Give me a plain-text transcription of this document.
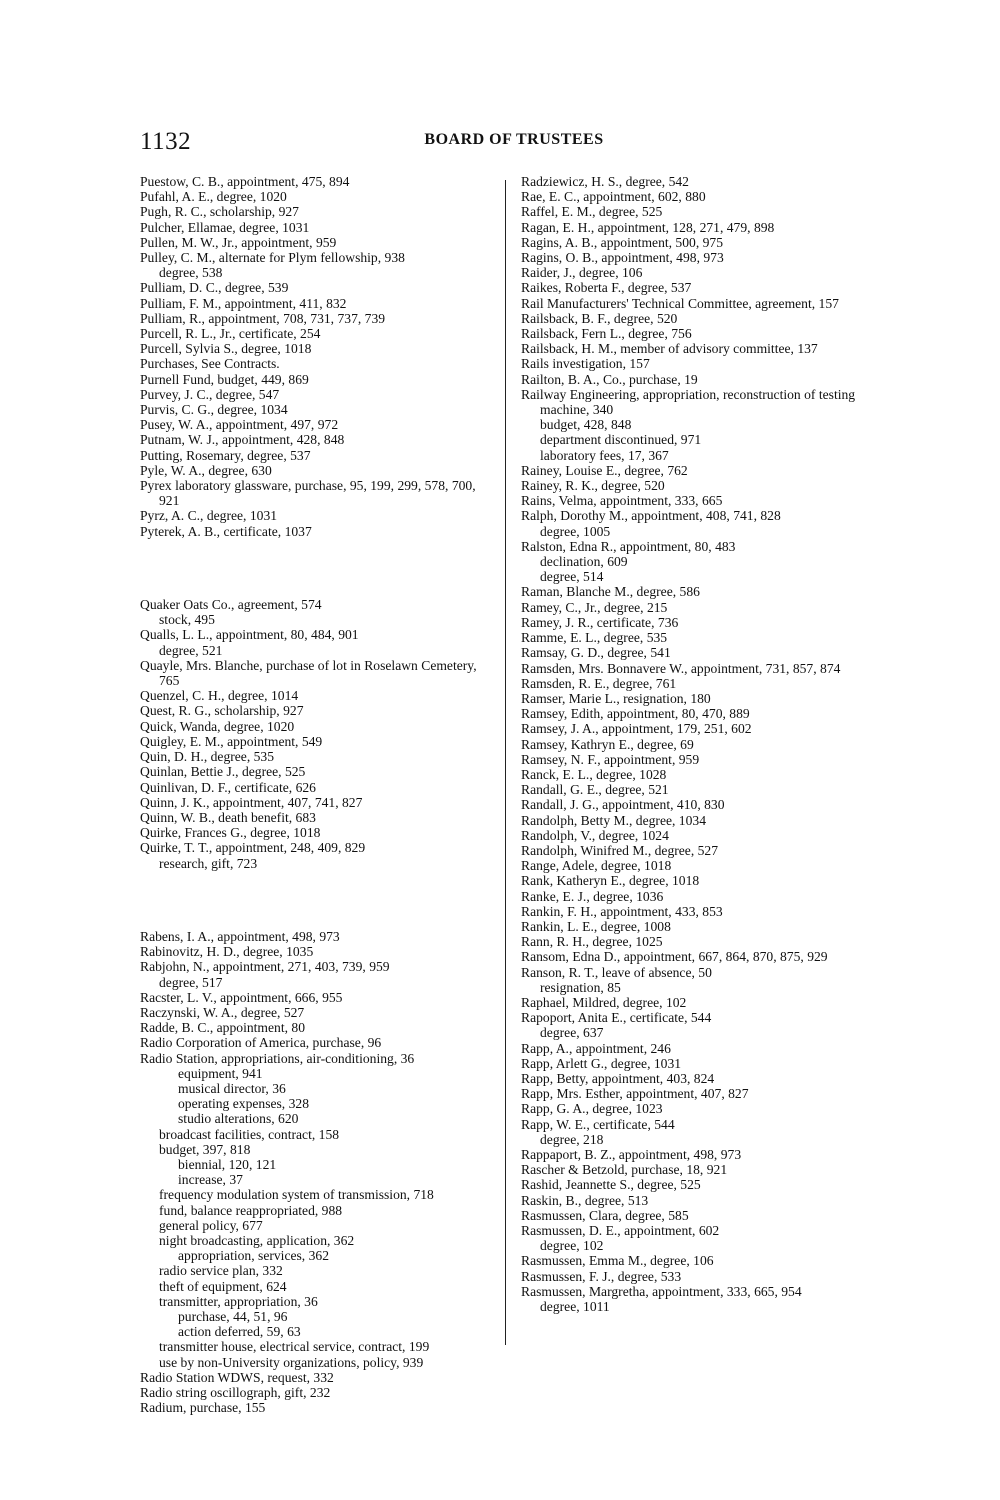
1132	BOARD OF TRUSTEES

Puestow, C. B., appointment, 475, 894

Pufahl, A. E., degree, 1020

Pugh, R. C., scholarship, 927

Pulcher, Ellamae, degree, 1031

Pullen, M. W., Jr., appointment, 959

Pulley, C. M., alternate for Plym fellowship, 938

degree, 538

Pulliam, D. C., degree, 539

Pulliam, F. M., appointment, 411, 832

Pulliam, R., appointment, 708, 731, 737, 739

Purcell, R. L., Jr., certificate, 254

Purcell, Sylvia S., degree, 1018

Purchases, See Contracts.

Purnell Fund, budget, 449, 869

Purvey, J. C., degree, 547

Purvis, C. G., degree, 1034

Pusey, W. A., appointment, 497, 972

Putnam, W. J., appointment, 428, 848

Putting, Rosemary, degree, 537

Pyle, W. A., degree, 630

Pyrex laboratory glassware, purchase, 95, 199, 299, 578, 700, 921

Pyrz, A. C., degree, 1031

Pyterek, A. B., certificate, 1037

Quaker Oats Co., agreement, 574

stock, 495

Qualls, L. L., appointment, 80, 484, 901

degree, 521

Quayle, Mrs. Blanche, purchase of lot in Roselawn Cemetery, 765

Quenzel, C. H., degree, 1014

Quest, R. G., scholarship, 927

Quick, Wanda, degree, 1020

Quigley, E. M., appointment, 549

Quin, D. H., degree, 535

Quinlan, Bettie J., degree, 525

Quinlivan, D. F., certificate, 626

Quinn, J. K., appointment, 407, 741, 827

Quinn, W. B., death benefit, 683

Quirke, Frances G., degree, 1018

Quirke, T. T., appointment, 248, 409, 829

research, gift, 723

Rabens, I. A., appointment, 498, 973

Rabinovitz, H. D., degree, 1035

Rabjohn, N., appointment, 271, 403, 739, 959

degree, 517

Racster, L. V., appointment, 666, 955

Raczynski, W. A., degree, 527

Radde, B. C., appointment, 80

Radio Corporation of America, purchase, 96

Radio Station, appropriations, air-conditioning, 36

equipment, 941

musical director, 36

operating expenses, 328

studio alterations, 620

broadcast facilities, contract, 158

budget, 397, 818

biennial, 120, 121

increase, 37

frequency modulation system of transmission, 718

fund, balance reappropriated, 988

general policy, 677

night broadcasting, application, 362

appropriation, services, 362

radio service plan, 332

theft of equipment, 624

transmitter, appropriation, 36

purchase, 44, 51, 96

action deferred, 59, 63

transmitter house, electrical service, contract, 199

use by non-University organizations, policy, 939

Radio Station WDWS, request, 332

Radio string oscillograph, gift, 232

Radium, purchase, 155

Radziewicz, H. S., degree, 542

Rae, E. C., appointment, 602, 880

Raffel, E. M., degree, 525

Ragan, E. H., appointment, 128, 271, 479, 898

Ragins, A. B., appointment, 500, 975

Ragins, O. B., appointment, 498, 973

Raider, J., degree, 106

Raikes, Roberta F., degree, 537

Rail Manufacturers' Technical Committee, agreement, 157

Railsback, B. F., degree, 520

Railsback, Fern L., degree, 756

Railsback, H. M., member of advisory committee, 137

Rails investigation, 157

Railton, B. A., Co., purchase, 19

Railway Engineering, appropriation, reconstruction of testing machine, 340

budget, 428, 848

department discontinued, 971

laboratory fees, 17, 367

Rainey, Louise E., degree, 762

Rainey, R. K., degree, 520

Rains, Velma, appointment, 333, 665

Ralph, Dorothy M., appointment, 408, 741, 828

degree, 1005

Ralston, Edna R., appointment, 80, 483

declination, 609

degree, 514

Raman, Blanche M., degree, 586

Ramey, C., Jr., degree, 215

Ramey, J. R., certificate, 736

Ramme, E. L., degree, 535

Ramsay, G. D., degree, 541

Ramsden, Mrs. Bonnavere W., appointment, 731, 857, 874

Ramsden, R. E., degree, 761

Ramser, Marie L., resignation, 180

Ramsey, Edith, appointment, 80, 470, 889

Ramsey, J. A., appointment, 179, 251, 602

Ramsey, Kathryn E., degree, 69

Ramsey, N. F., appointment, 959

Ranck, E. L., degree, 1028

Randall, G. E., degree, 521

Randall, J. G., appointment, 410, 830

Randolph, Betty M., degree, 1034

Randolph, V., degree, 1024

Randolph, Winifred M., degree, 527

Range, Adele, degree, 1018

Rank, Katheryn E., degree, 1018

Ranke, E. J., degree, 1036

Rankin, F. H., appointment, 433, 853

Rankin, L. E., degree, 1008

Rann, R. H., degree, 1025

Ransom, Edna D., appointment, 667, 864, 870, 875, 929

Ranson, R. T., leave of absence, 50

resignation, 85

Raphael, Mildred, degree, 102

Rapoport, Anita E., certificate, 544

degree, 637

Rapp, A., appointment, 246

Rapp, Arlett G., degree, 1031

Rapp, Betty, appointment, 403, 824

Rapp, Mrs. Esther, appointment, 407, 827

Rapp, G. A., degree, 1023

Rapp, W. E., certificate, 544

degree, 218

Rappaport, B. Z., appointment, 498, 973

Rascher & Betzold, purchase, 18, 921

Rashid, Jeannette S., degree, 525

Raskin, B., degree, 513

Rasmussen, Clara, degree, 585

Rasmussen, D. E., appointment, 602

degree, 102

Rasmussen, Emma M., degree, 106

Rasmussen, F. J., degree, 533

Rasmussen, Margretha, appointment, 333, 665, 954

degree, 1011
